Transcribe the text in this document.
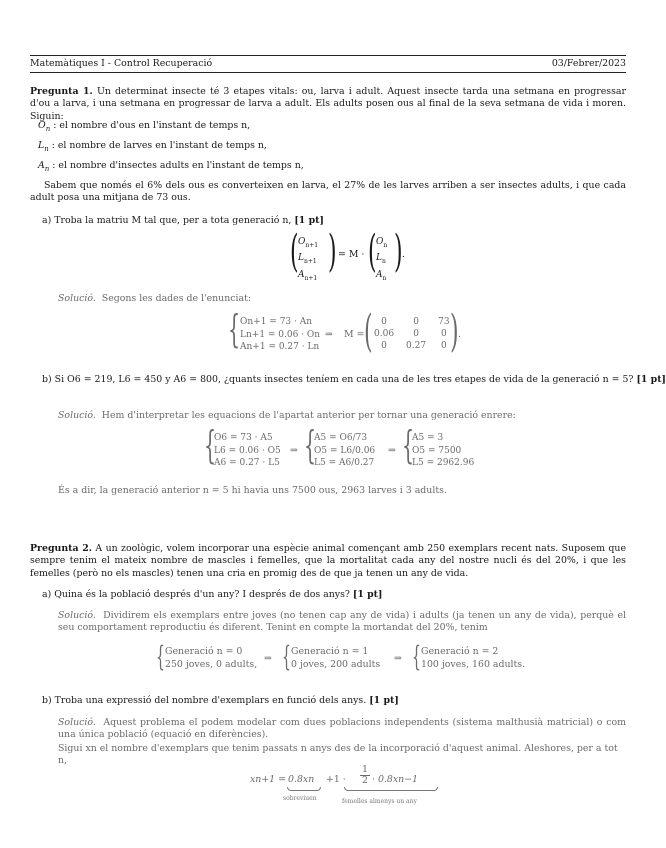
Matemàtiques I - Control Recuperació	03/Febrer/2023
Pregunta 1. Un determinat insecte té 3 etapes vitals: ou, larva i adult. Aquest insecte tarda una setmana en progressar d'ou a larva, i una setmana en progressar de larva a adult. Els adults posen ous al final de la seva setmana de vida i moren. Siguin:
$O_n$ : el nombre d'ous en l'instant de temps n,
$L_n$ : el nombre de larves en l'instant de temps n,
$A_n$ : el nombre d'insectes adults en l'instant de temps n,
Sabem que només el 6% dels ous es converteixen en larva, el 27% de les larves arriben a ser insectes adults, i que cada adult posa una mitjana de 73 ous.
a) Troba la matriu M tal que, per a tota generació n, [1 pt]
( $O_{n+1}$
$L_{n+1}$
$A_{n+1}$
) = M · ( $O_n$
$L_n$
$A_n$
) .
Solució. Segons les dades de l'enunciat:
{ On+1 = 73 · An
Ln+1 = 0.06 · On
An+1 = 0.27 · Ln
⇒ M = ( 0	0	73
0.06	0	0
0	0.27	0 ) .
b) Si O6 = 219, L6 = 450 y A6 = 800, ¿quants insectes teníem en cada una de les tres etapes de vida de la generació n = 5? [1 pt]
Solució. Hem d'interpretar les equacions de l'apartat anterior per tornar una generació enrere:
{
O6 = 73 · A5
L6 = 0.06 · O5
A6 = 0.27 · L5
⇒ {
A5 = O6/73
O5 = L6/0.06
L5 = A6/0.27
⇒ {
A5 = 3
O5 = 7500
L5 = 2962.96
És a dir, la generació anterior n = 5 hi havia uns 7500 ous, 2963 larves i 3 adults.
Pregunta 2. A un zoològic, volem incorporar una espècie animal començant amb 250 exemplars recent nats. Suposem que sempre tenim el mateix nombre de mascles i femelles, que la mortalitat cada any del nostre nucli és del 20%, i que les femelles (però no els mascles) tenen una cria en promig des de que ja tenen un any de vida.
a) Quina és la població després d'un any? I després de dos anys? [1 pt]
Solució. Dividirem els exemplars entre joves (no tenen cap any de vida) i adults (ja tenen un any de vida), perquè el seu comportament reproductiu és diferent. Tenint en compte la mortandat del 20%, tenim
{ Generació n = 0
250 joves, 0 adults, ⇒ { Generació n = 1
0 joves, 200 adults ⇒ { Generació n = 2
100 joves, 160 adults.
b) Troba una expressió del nombre d'exemplars en funció dels anys. [1 pt]
Solució. Aquest problema el podem modelar com dues poblacions independents (sistema malthusià matricial) o com una única població (equació en diferències).
Sigui xn el nombre d'exemplars que tenim passats n anys des de la incorporació d'aquest animal. Aleshores, per a tot n,
xn+1 = 0.8xn
sobreviuen
+1 ·
1
2 · 0.8xn−1
femelles almenys un any
